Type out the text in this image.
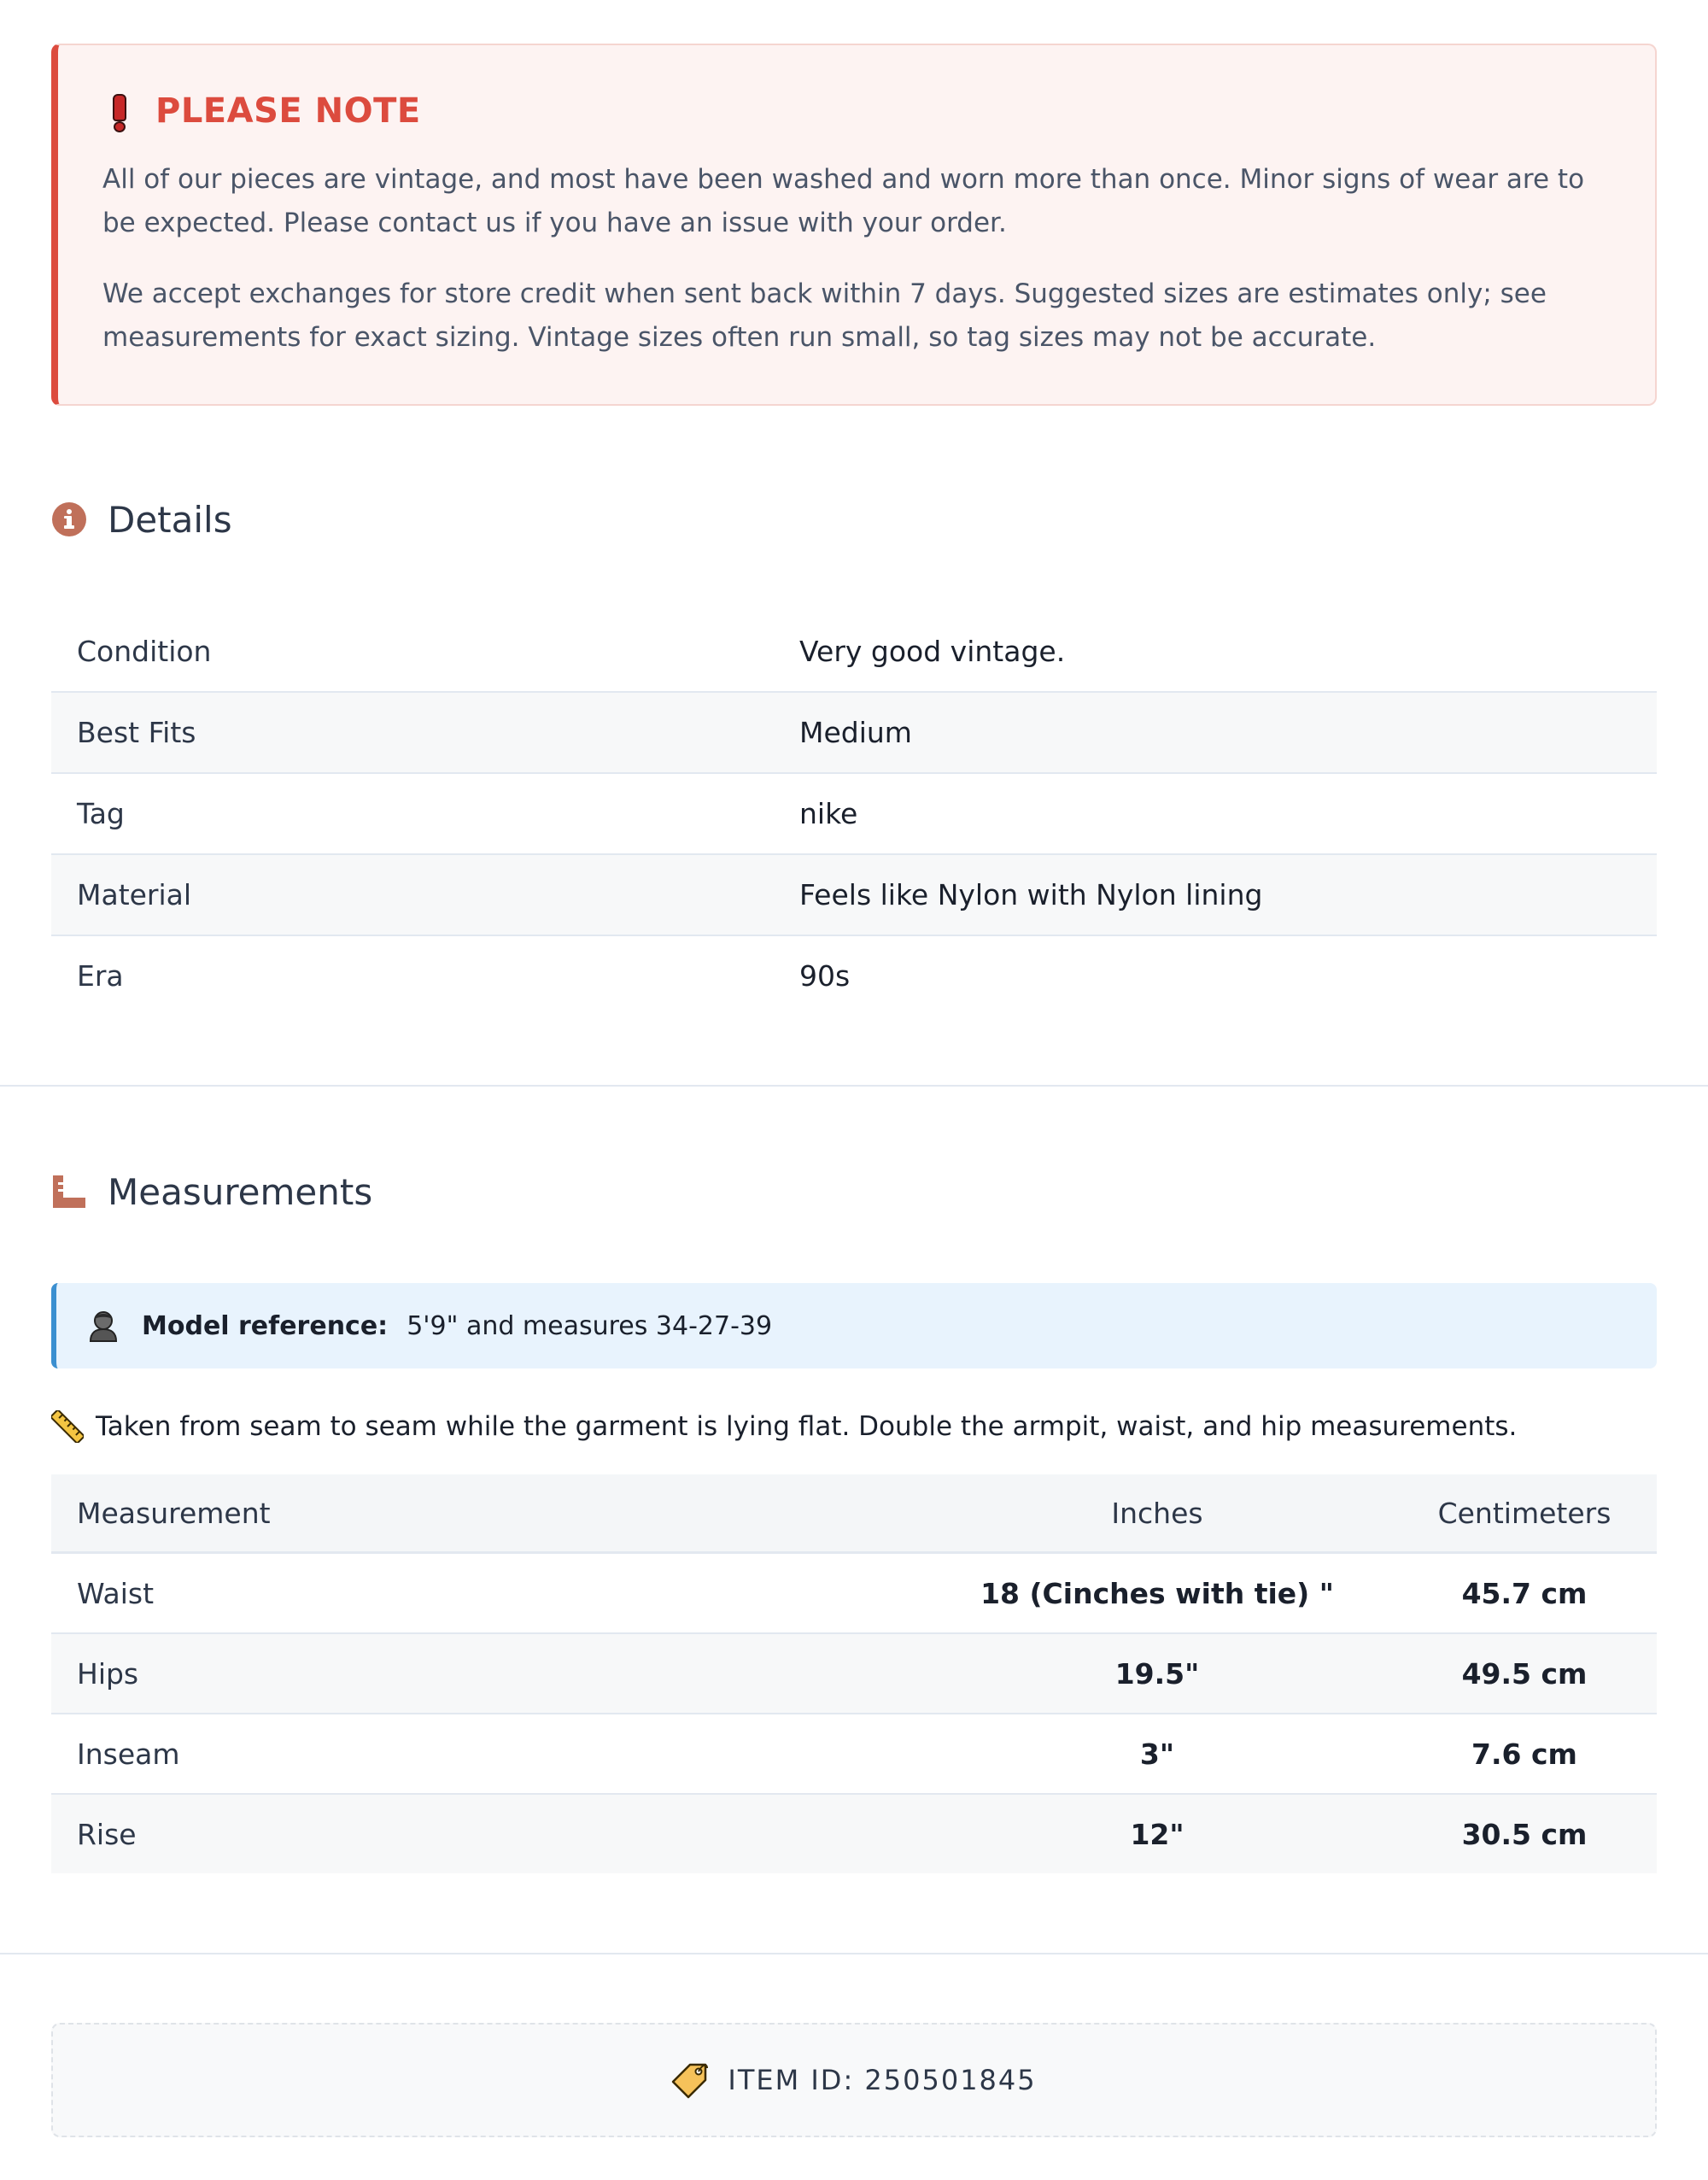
PLEASE NOTE

All of our pieces are vintage, and most have been washed and worn more than once. Minor signs of wear are to be expected. Please contact us if you have an issue with your order.

We accept exchanges for store credit when sent back within 7 days. Suggested sizes are estimates only; see measurements for exact sizing. Vintage sizes often run small, so tag sizes may not be accurate.

Details
Condition	Very good vintage.
Best Fits	Medium
Tag	nike
Material	Feels like Nylon with Nylon lining
Era	90s
Measurements
Model reference: 5'9" and measures 34-27-39
Taken from seam to seam while the garment is lying flat. Double the armpit, waist, and hip measurements.
Measurement	Inches	Centimeters
Waist	18 (Cinches with tie) "	45.7 cm
Hips	19.5"	49.5 cm
Inseam	3"	7.6 cm
Rise	12"	30.5 cm
ITEM ID: 250501845
